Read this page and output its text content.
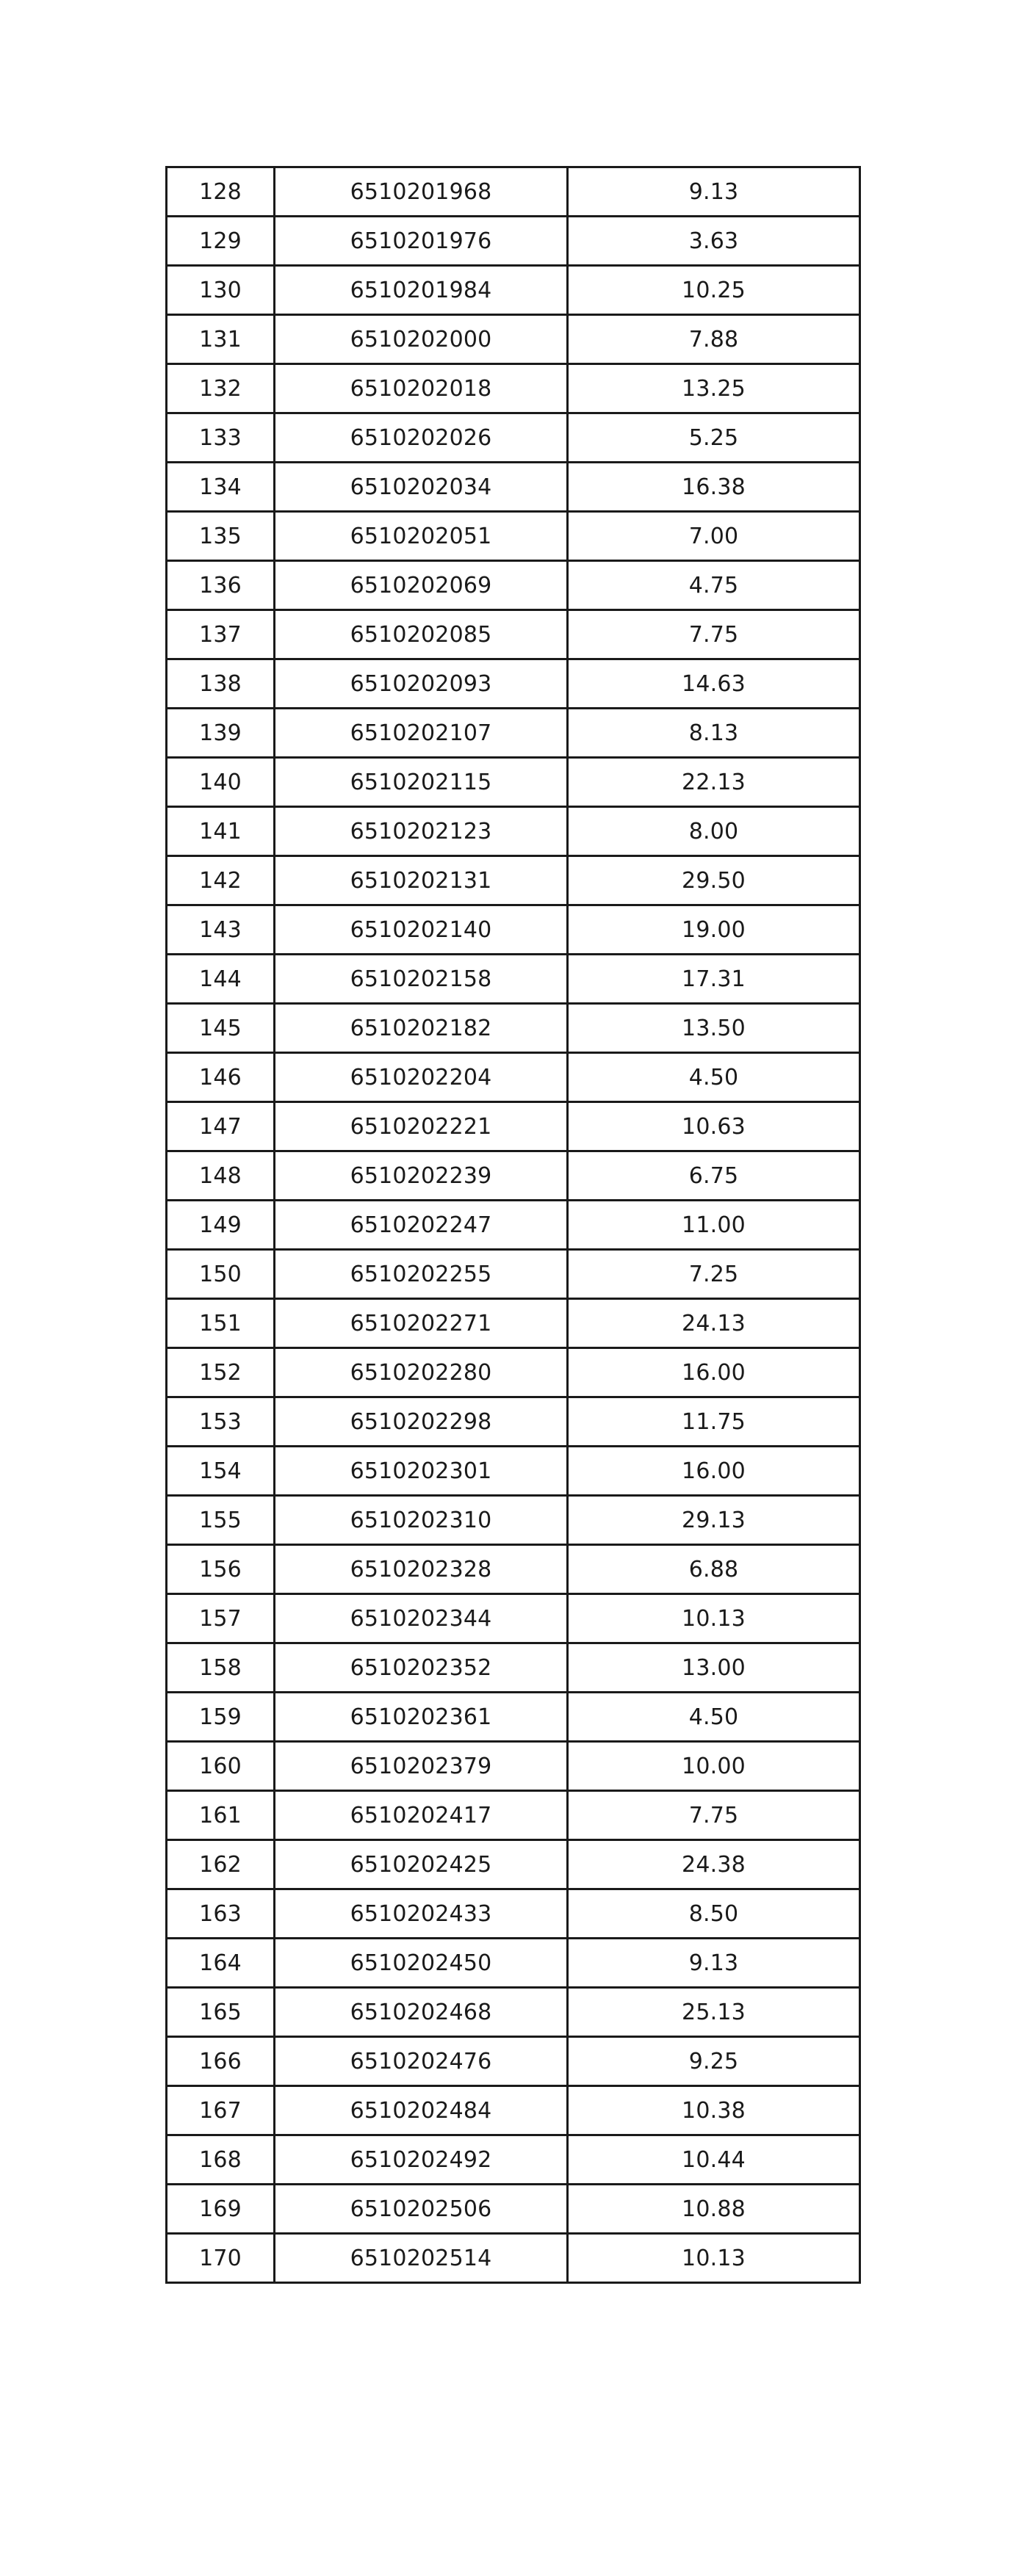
128	6510201968	9.13
129	6510201976	3.63
130	6510201984	10.25
131	6510202000	7.88
132	6510202018	13.25
133	6510202026	5.25
134	6510202034	16.38
135	6510202051	7.00
136	6510202069	4.75
137	6510202085	7.75
138	6510202093	14.63
139	6510202107	8.13
140	6510202115	22.13
141	6510202123	8.00
142	6510202131	29.50
143	6510202140	19.00
144	6510202158	17.31
145	6510202182	13.50
146	6510202204	4.50
147	6510202221	10.63
148	6510202239	6.75
149	6510202247	11.00
150	6510202255	7.25
151	6510202271	24.13
152	6510202280	16.00
153	6510202298	11.75
154	6510202301	16.00
155	6510202310	29.13
156	6510202328	6.88
157	6510202344	10.13
158	6510202352	13.00
159	6510202361	4.50
160	6510202379	10.00
161	6510202417	7.75
162	6510202425	24.38
163	6510202433	8.50
164	6510202450	9.13
165	6510202468	25.13
166	6510202476	9.25
167	6510202484	10.38
168	6510202492	10.44
169	6510202506	10.88
170	6510202514	10.13
